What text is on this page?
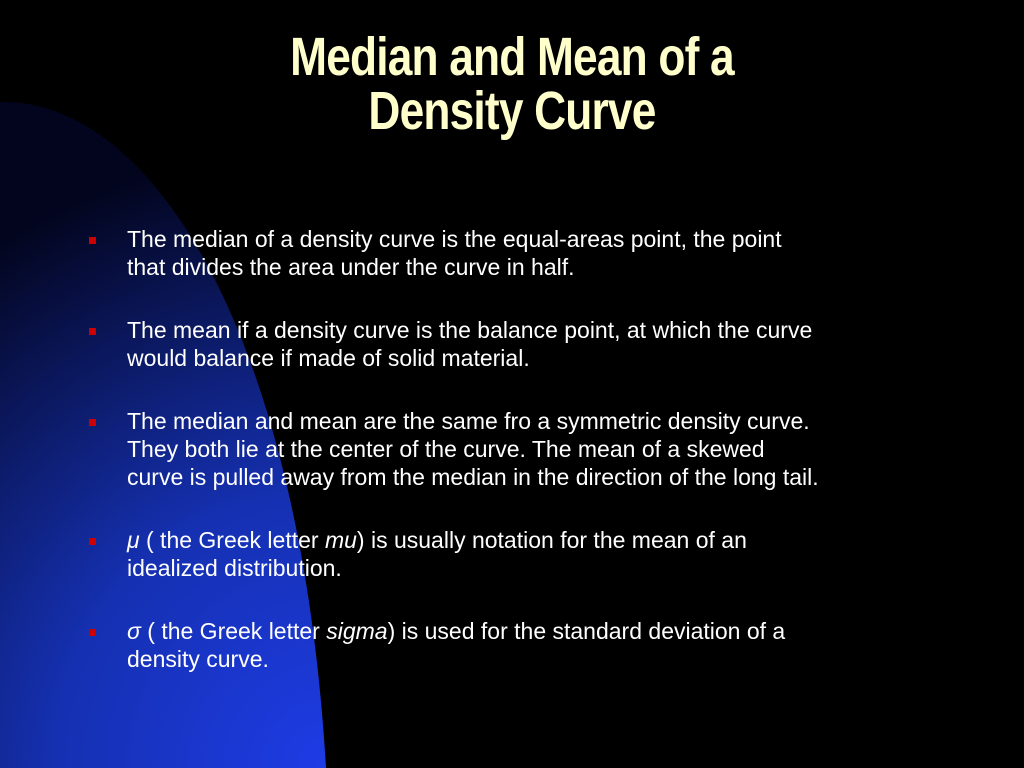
Median and Mean of a
Density Curve
The median of a density curve is the equal-areas point, the point
that divides the area under the curve in half.
The mean if a density curve is the balance point, at which the curve
would balance if made of solid material.
The median and mean are the same fro a symmetric density curve.
They both lie at the center of the curve. The mean of a skewed
curve is pulled away from the median in the direction of the long tail.
μ ( the Greek letter mu) is usually notation for the mean of an
idealized distribution.
σ ( the Greek letter sigma) is used for the standard deviation of a
density curve.
